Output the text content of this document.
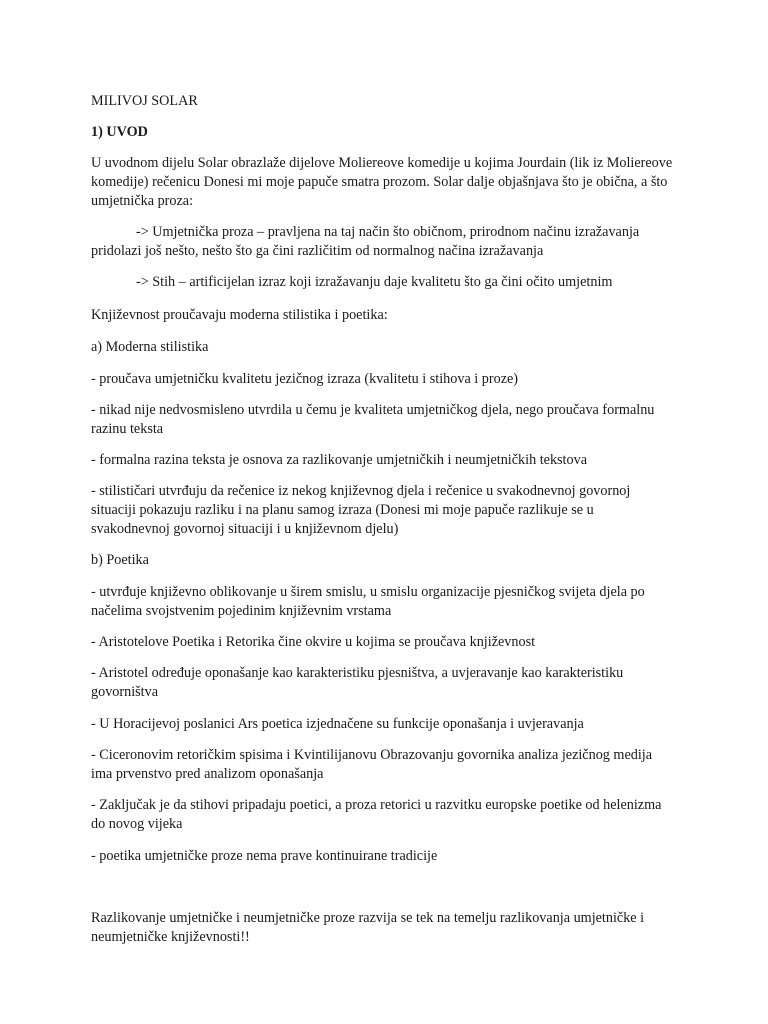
MILIVOJ SOLAR

1) UVOD

U uvodnom dijelu Solar obrazlaže dijelove Moliereove komedije u kojima Jourdain (lik iz Moliereove
komedije) rečenicu Donesi mi moje papuče smatra prozom. Solar dalje objašnjava što je obična, a što
umjetnička proza:

-> Umjetnička proza – pravljena na taj način što običnom, prirodnom načinu izražavanja
pridolazi još nešto, nešto što ga čini različitim od normalnog načina izražavanja

-> Stih – artificijelan izraz koji izražavanju daje kvalitetu što ga čini očito umjetnim

Književnost proučavaju moderna stilistika i poetika:

a) Moderna stilistika

- proučava umjetničku kvalitetu jezičnog izraza (kvalitetu i stihova i proze)

- nikad nije nedvosmisleno utvrdila u čemu je kvaliteta umjetničkog djela, nego proučava formalnu
razinu teksta

- formalna razina teksta je osnova za razlikovanje umjetničkih i neumjetničkih tekstova

- stilističari utvrđuju da rečenice iz nekog književnog djela i rečenice u svakodnevnoj govornoj
situaciji pokazuju razliku i na planu samog izraza (Donesi mi moje papuče razlikuje se u
svakodnevnoj govornoj situaciji i u književnom djelu)

b) Poetika

- utvrđuje književno oblikovanje u širem smislu, u smislu organizacije pjesničkog svijeta djela po
načelima svojstvenim pojedinim književnim vrstama

- Aristotelove Poetika i Retorika čine okvire u kojima se proučava književnost

- Aristotel određuje oponašanje kao karakteristiku pjesništva, a uvjeravanje kao karakteristiku
govorništva

- U Horacijevoj poslanici Ars poetica izjednačene su funkcije oponašanja i uvjeravanja

- Ciceronovim retoričkim spisima i Kvintilijanovu Obrazovanju govornika analiza jezičnog medija
ima prvenstvo pred analizom oponašanja

- Zaključak je da stihovi pripadaju poetici, a proza retorici u razvitku europske poetike od helenizma
do novog vijeka

- poetika umjetničke proze nema prave kontinuirane tradicije

Razlikovanje umjetničke i neumjetničke proze razvija se tek na temelju razlikovanja umjetničke i
neumjetničke književnosti!!
